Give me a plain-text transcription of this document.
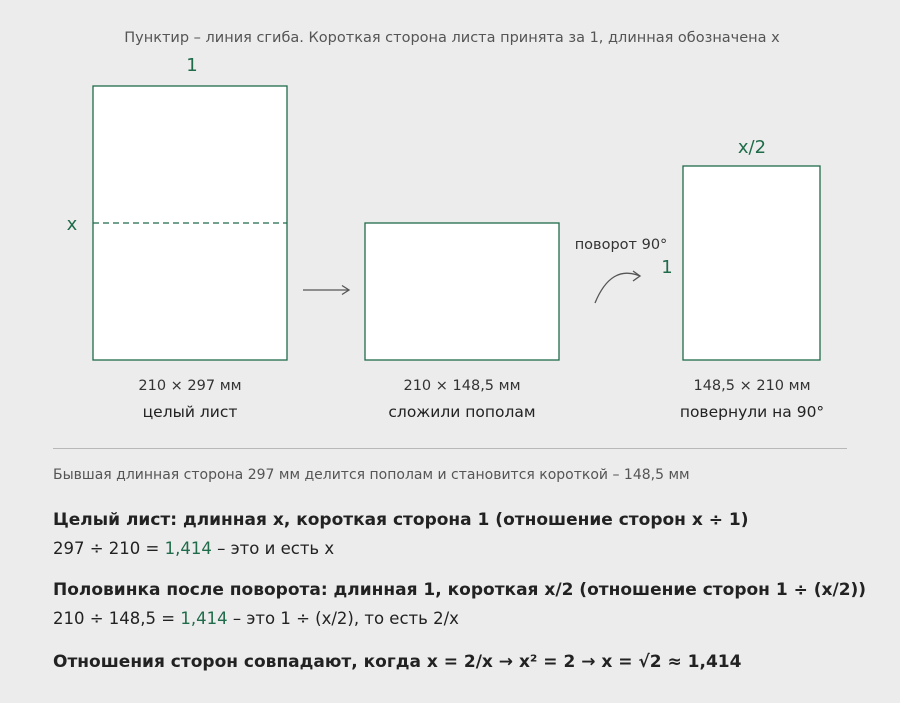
Пунктир – линия сгиба. Короткая сторона листа принята за 1, длинная обозначена x
1
x
210 × 297 мм
целый лист
210 × 148,5 мм
сложили пополам
поворот 90°
x/2
1
148,5 × 210 мм
повернули на 90°
Бывшая длинная сторона 297 мм делится пополам и становится короткой – 148,5 мм
Целый лист: длинная x, короткая сторона 1 (отношение сторон x ÷ 1)
297 ÷ 210 = 1,414 – это и есть x
Половинка после поворота: длинная 1, короткая x/2 (отношение сторон 1 ÷ (x/2))
210 ÷ 148,5 = 1,414 – это 1 ÷ (x/2), то есть 2/x
Отношения сторон совпадают, когда x = 2/x → x² = 2 → x = √2 ≈ 1,414
